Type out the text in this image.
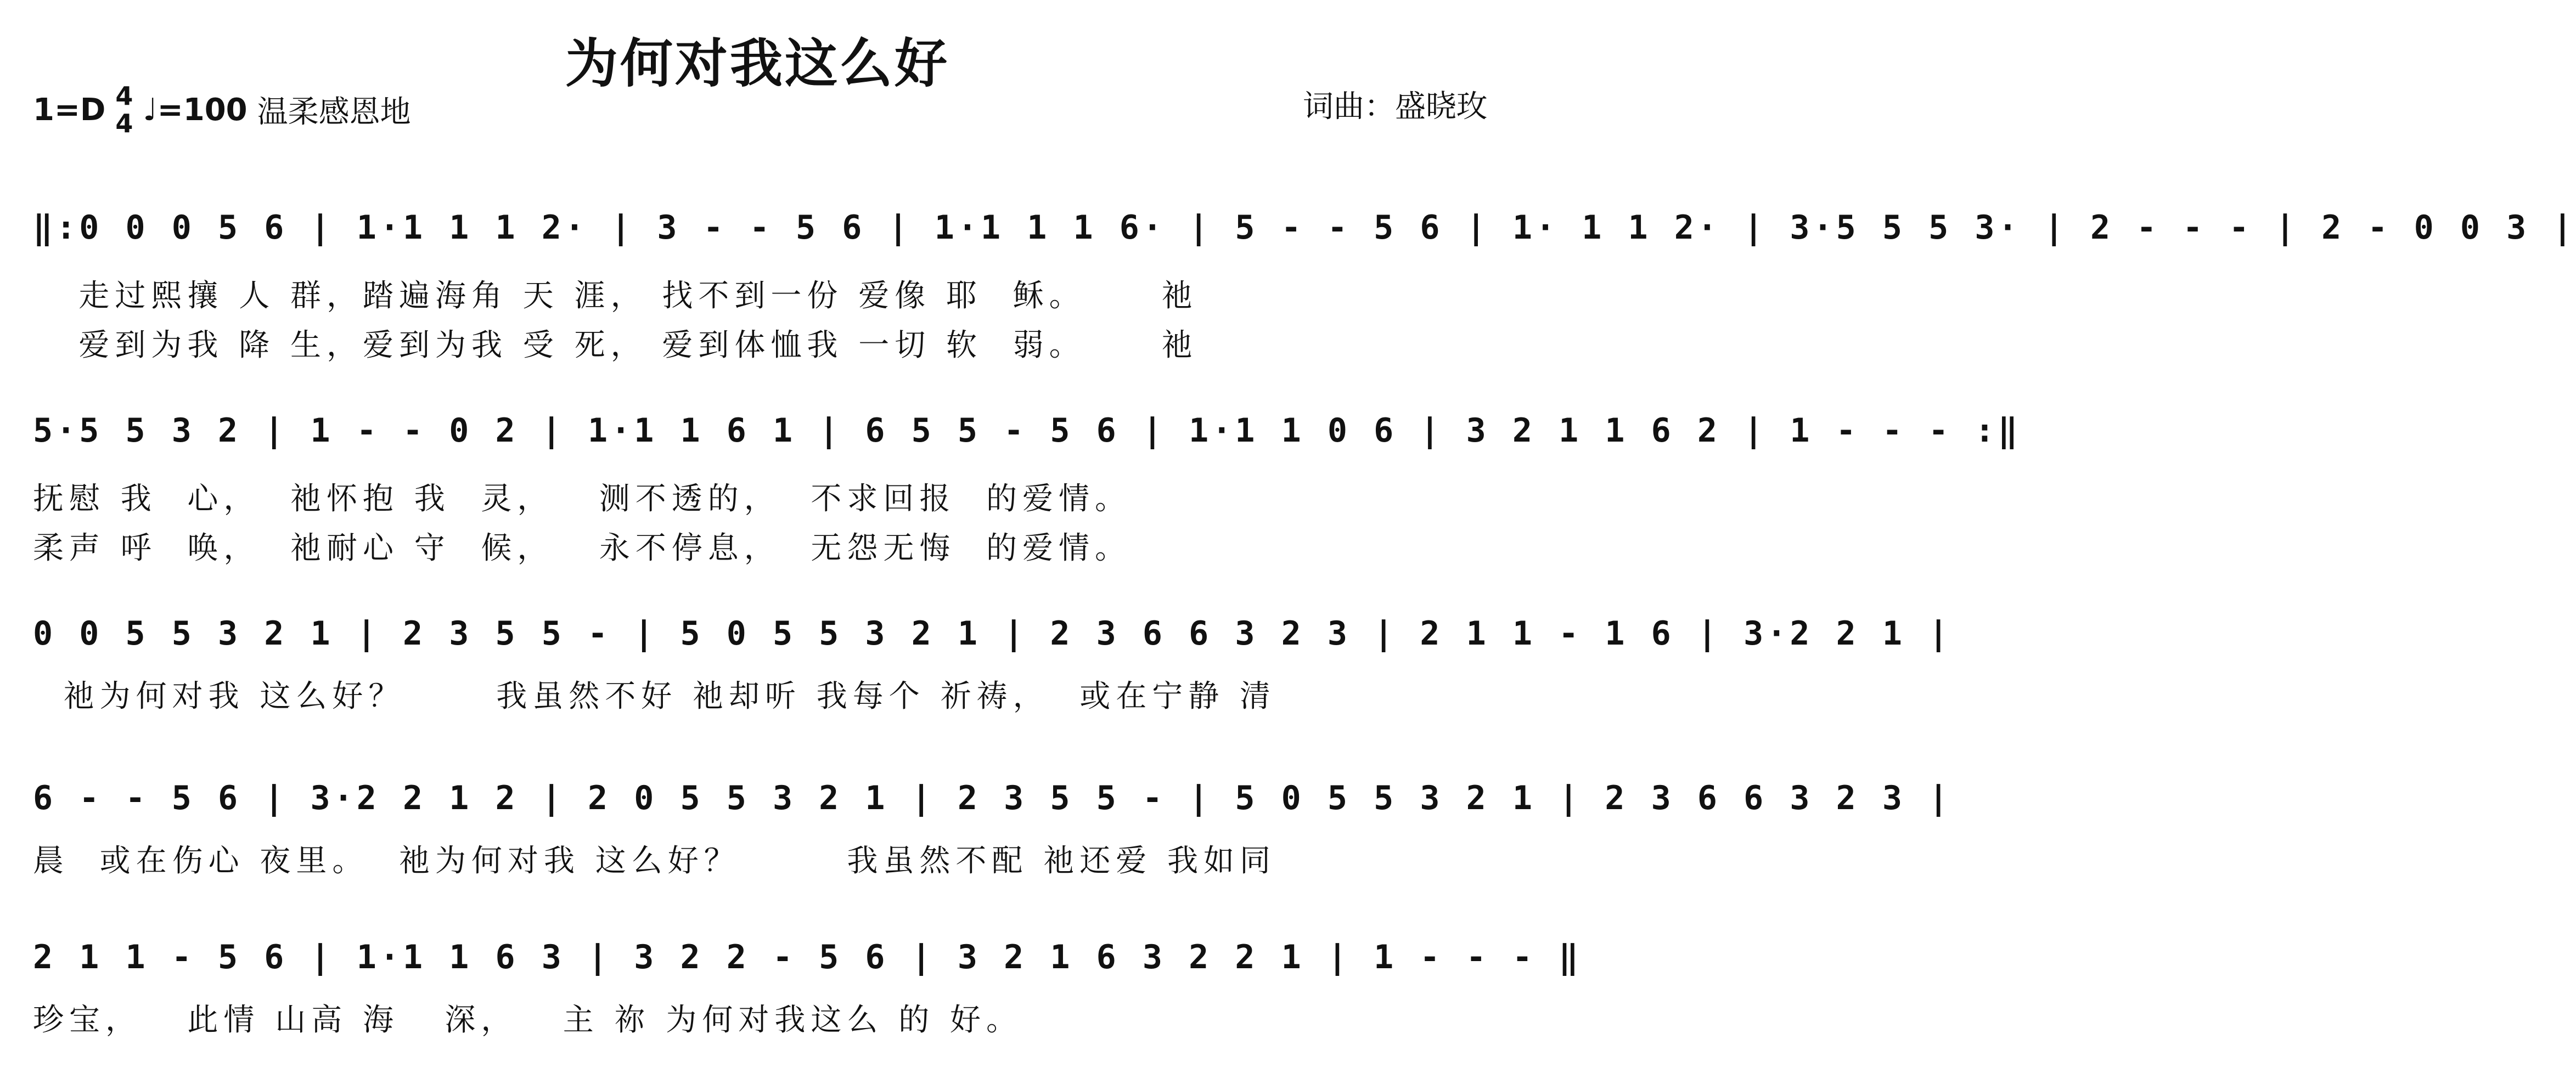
为何对我这么好
1=D 4
4 ♩=100 温柔感恩地	词曲：盛晓玫
‖:0 0 0 5 6 | 1·1 1 1 2· | 3 - - 5 6 | 1·1 1 1 6· | 5 - - 5 6 | 1· 1 1 2· | 3·5 5 5 3· | 2 - - - | 2 - 0 0 3 |
走过熙攘 人 群，踏遍海角 天 涯， 找不到一份 爱像 耶  稣。     祂
爱到为我 降 生，爱到为我 受 死， 爱到体恤我 一切 软  弱。     祂
5·5 5 3 2 | 1 - - 0 2 | 1·1 1 6 1 | 6 5 5 - 5 6 | 1·1 1 0 6 | 3 2 1 1 6 2 | 1 - - - :‖
抚慰 我  心，  祂怀抱 我  灵，   测不透的，  不求回报  的爱情。
柔声 呼  唤，  祂耐心 守  候，   永不停息，  无怨无悔  的爱情。
0 0 5 5 3 2 1 | 2 3 5 5 - | 5 0 5 5 3 2 1 | 2 3 6 6 3 2 3 | 2 1 1 - 1 6 | 3·2 2 1 |
祂为何对我 这么好？      我虽然不好 祂却听 我每个 祈祷，  或在宁静 清
6 - - 5 6 | 3·2 2 1 2 | 2 0 5 5 3 2 1 | 2 3 5 5 - | 5 0 5 5 3 2 1 | 2 3 6 6 3 2 3 |
晨  或在伤心 夜里。  祂为何对我 这么好？       我虽然不配 祂还爱 我如同
2 1 1 - 5 6 | 1·1 1 6 3 | 3 2 2 - 5 6 | 3 2 1 6 3 2 2 1 | 1 - - - ‖
珍宝，   此情 山高 海   深，   主 祢 为何对我这么 的 好。
